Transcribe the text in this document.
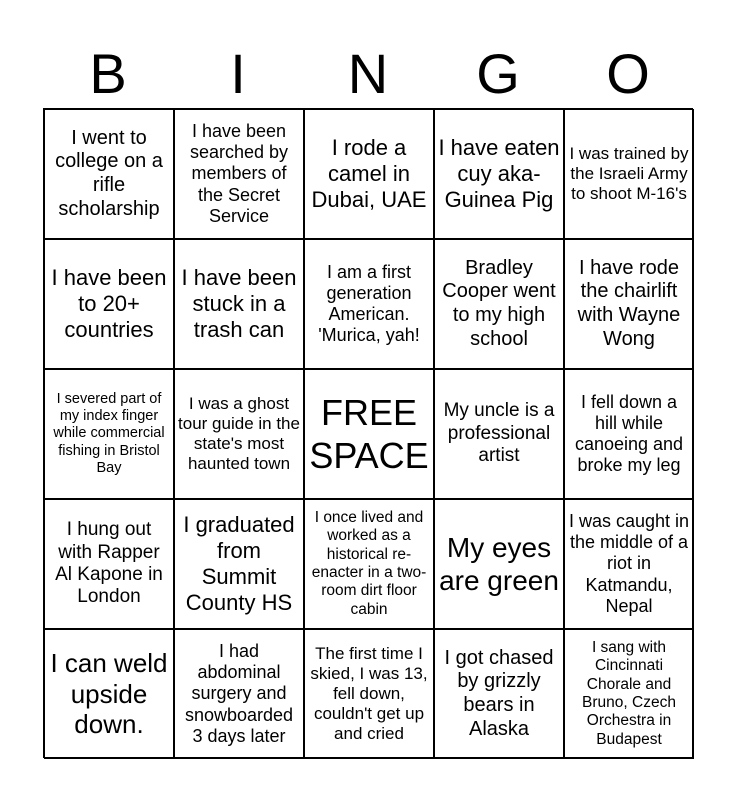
B	I	N	G	O
I went to college on a rifle scholarship
I have been searched by members of the Secret Service
I rode a camel in Dubai, UAE
I have eaten cuy aka-Guinea Pig
I was trained by the Israeli Army to shoot M-16's
I have been to 20+ countries
I have been stuck in a trash can
I am a first generation American. 'Murica, yah!
Bradley Cooper went to my high school
I have rode the chairlift with Wayne Wong
I severed part of my index finger while commercial fishing in Bristol Bay
I was a ghost tour guide in the state's most haunted town
FREE SPACE
My uncle is a professional artist
I fell down a hill while canoeing and broke my leg
I hung out with Rapper Al Kapone in London
I graduated from Summit County HS
I once lived and worked as a historical re-enacter in a two-room dirt floor cabin
My eyes are green
I was caught in the middle of a riot in Katmandu, Nepal
I can weld upside down.
I had abdominal surgery and snowboarded 3 days later
The first time I skied, I was 13, fell down, couldn't get up and cried
I got chased by grizzly bears in Alaska
I sang with Cincinnati Chorale and Bruno, Czech Orchestra in Budapest
